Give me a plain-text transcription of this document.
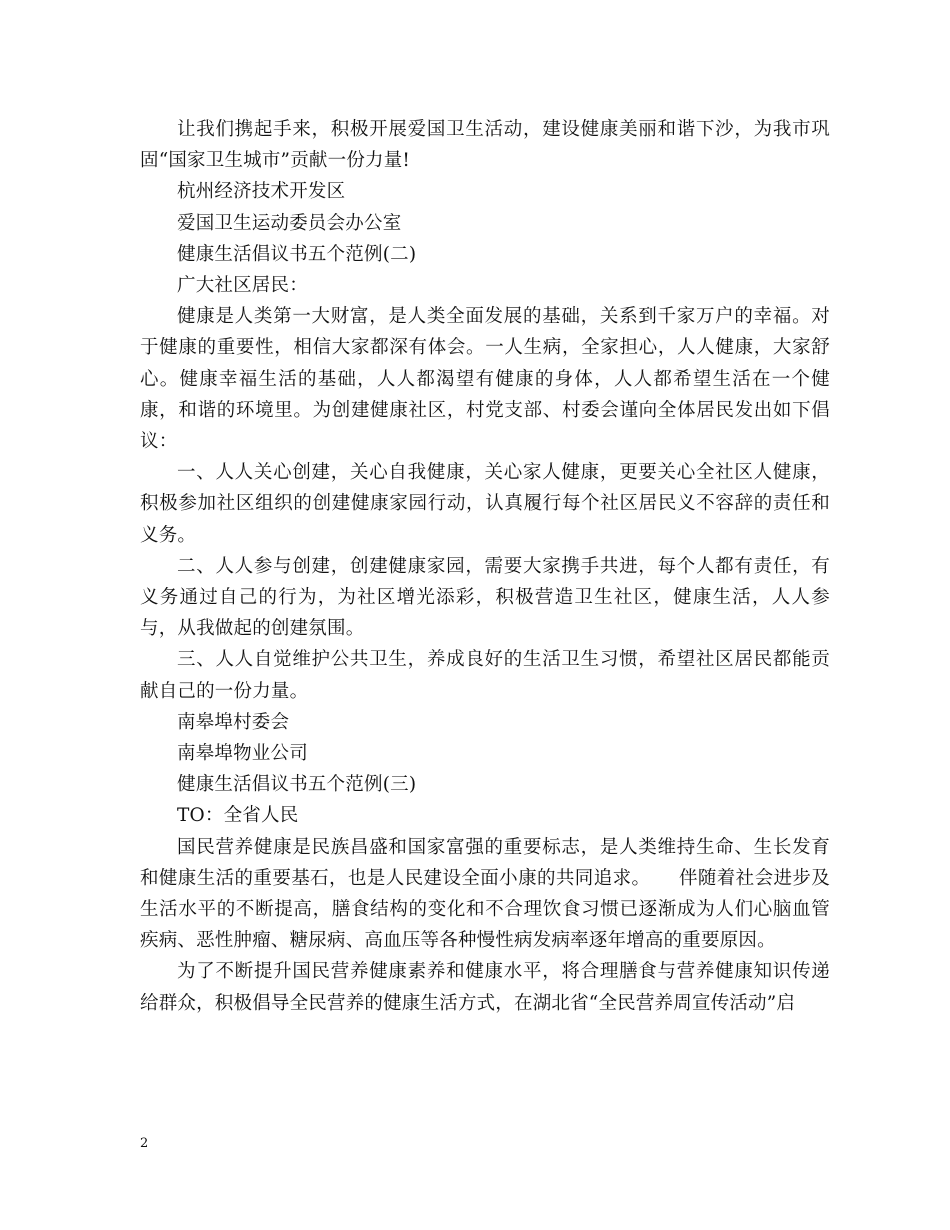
让我们携起手来，积极开展爱国卫生活动，建设健康美丽和谐下沙，为我市巩固“国家卫生城市”贡献一份力量!

杭州经济技术开发区

爱国卫生运动委员会办公室

健康生活倡议书五个范例(二)

广大社区居民：

健康是人类第一大财富，是人类全面发展的基础，关系到千家万户的幸福。对于健康的重要性，相信大家都深有体会。一人生病，全家担心，人人健康，大家舒心。健康幸福生活的基础，人人都渴望有健康的身体，人人都希望生活在一个健康，和谐的环境里。为创建健康社区，村党支部、村委会谨向全体居民发出如下倡议：

一、人人关心创建，关心自我健康，关心家人健康，更要关心全社区人健康，积极参加社区组织的创建健康家园行动，认真履行每个社区居民义不容辞的责任和义务。

二、人人参与创建，创建健康家园，需要大家携手共进，每个人都有责任，有义务通过自己的行为，为社区增光添彩，积极营造卫生社区，健康生活，人人参与，从我做起的创建氛围。

三、人人自觉维护公共卫生，养成良好的生活卫生习惯，希望社区居民都能贡献自己的一份力量。

南皋埠村委会

南皋埠物业公司

健康生活倡议书五个范例(三)

TO：全省人民

国民营养健康是民族昌盛和国家富强的重要标志，是人类维持生命、生长发育和健康生活的重要基石，也是人民建设全面小康的共同追求。　　伴随着社会进步及生活水平的不断提高，膳食结构的变化和不合理饮食习惯已逐渐成为人们心脑血管疾病、恶性肿瘤、糖尿病、高血压等各种慢性病发病率逐年增高的重要原因。

为了不断提升国民营养健康素养和健康水平，将合理膳食与营养健康知识传递给群众，积极倡导全民营养的健康生活方式，在湖北省“全民营养周宣传活动”启

2
